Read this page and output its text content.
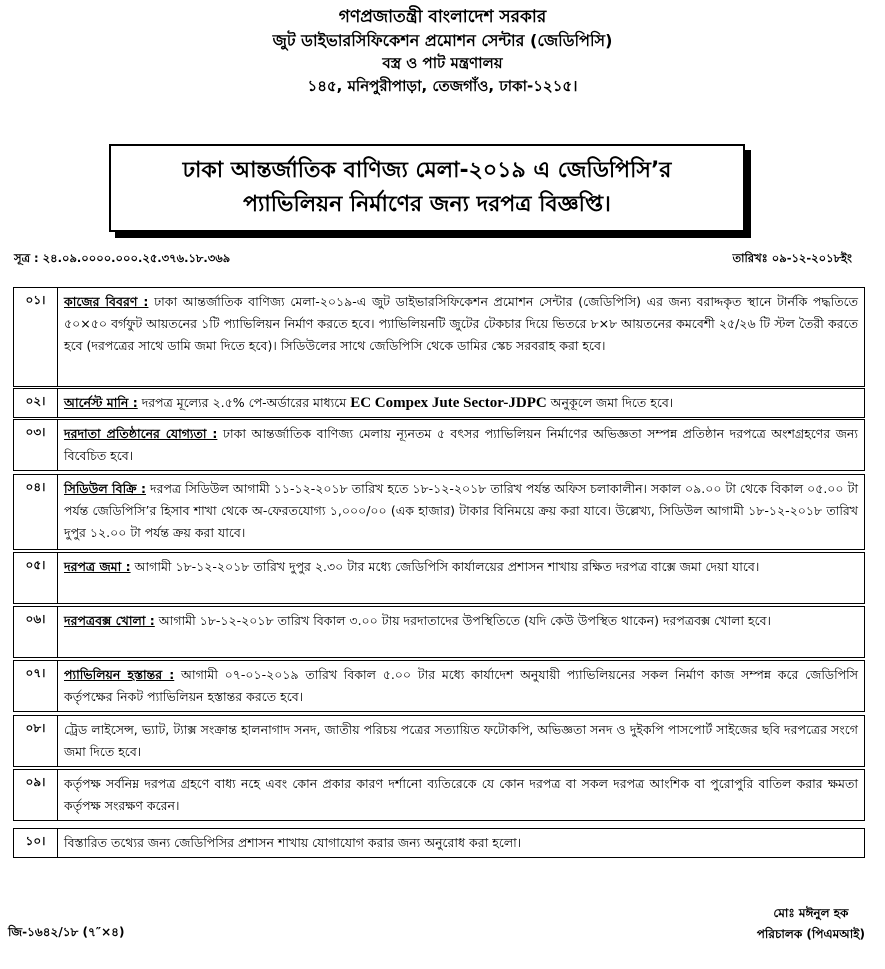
গণপ্রজাতন্ত্রী বাংলাদেশ সরকার
জুট ডাইভারসিফিকেশন প্রমোশন সেন্টার (জেডিপিসি)
বস্ত্র ও পাট মন্ত্রণালয়
১৪৫, মনিপুরীপাড়া, তেজগাঁও, ঢাকা-১২১৫।
ঢাকা আন্তর্জাতিক বাণিজ্য মেলা-২০১৯ এ জেডিপিসি’র
প্যাভিলিয়ন নির্মাণের জন্য দরপত্র বিজ্ঞপ্তি।
সূত্র : ২৪.০৯.০০০০.০০০.২৫.৩৭৬.১৮.৩৬৯	তারিখঃ ০৯-১২-২০১৮ইং
০১।	কাজের বিবরণ : ঢাকা আন্তর্জাতিক বাণিজ্য মেলা-২০১৯-এ জুট ডাইভারসিফিকেশন প্রমোশন সেন্টার (জেডিপিসি) এর জন্য বরাদ্দকৃত স্থানে টার্নকি পদ্ধতিতে ৫০×৫০ বর্গফুট আয়তনের ১টি প্যাভিলিয়ন নির্মাণ করতে হবে। প্যাভিলিয়নটি জুটের টেকচার দিয়ে ভিতরে ৮×৮ আয়তনের কমবেশী ২৫/২৬ টি স্টল তৈরী করতে হবে (দরপত্রের সাথে ডামি জমা দিতে হবে)। সিডিউলের সাথে জেডিপিসি থেকে ডামির স্কেচ সরবরাহ করা হবে।
০২।	আর্নেস্ট মানি : দরপত্র মূল্যের ২.৫% পে-অর্ডারের মাধ্যমে EC Compex Jute Sector-JDPC অনুকূলে জমা দিতে হবে।
০৩।	দরদাতা প্রতিষ্ঠানের যোগ্যতা : ঢাকা আন্তর্জাতিক বাণিজ্য মেলায় ন্যূনতম ৫ বৎসর প্যাভিলিয়ন নির্মাণের অভিজ্ঞতা সম্পন্ন প্রতিষ্ঠান দরপত্রে অংশগ্রহণের জন্য বিবেচিত হবে।
০৪।	সিডিউল বিক্রি : দরপত্র সিডিউল আগামী ১১-১২-২০১৮ তারিখ হতে ১৮-১২-২০১৮ তারিখ পর্যন্ত অফিস চলাকালীন। সকাল ০৯.০০ টা থেকে বিকাল ০৫.০০ টা পর্যন্ত জেডিপিসি’র হিসাব শাখা থেকে অ-ফেরতযোগ্য ১,০০০/০০ (এক হাজার) টাকার বিনিময়ে ক্রয় করা যাবে। উল্লেখ্য, সিডিউল আগামী ১৮-১২-২০১৮ তারিখ দুপুর ১২.০০ টা পর্যন্ত ক্রয় করা যাবে।
০৫।	দরপত্র জমা : আগামী ১৮-১২-২০১৮ তারিখ দুপুর ২.৩০ টার মধ্যে জেডিপিসি কার্যালয়ের প্রশাসন শাখায় রক্ষিত দরপত্র বাক্সে জমা দেয়া যাবে।
০৬।	দরপত্রবক্স খোলা : আগামী ১৮-১২-২০১৮ তারিখ বিকাল ৩.০০ টায় দরদাতাদের উপস্থিতিতে (যদি কেউ উপস্থিত থাকেন) দরপত্রবক্স খোলা হবে।
০৭।	প্যাভিলিয়ন হস্তান্তর : আগামী ০৭-০১-২০১৯ তারিখ বিকাল ৫.০০ টার মধ্যে কার্যাদেশ অনুযায়ী প্যাভিলিয়নের সকল নির্মাণ কাজ সম্পন্ন করে জেডিপিসি কর্তৃপক্ষের নিকট প্যাভিলিয়ন হস্তান্তর করতে হবে।
০৮।	ট্রেড লাইসেন্স, ভ্যাট, ট্যাক্স সংক্রান্ত হালনাগাদ সনদ, জাতীয় পরিচয় পত্রের সত্যায়িত ফটোকপি, অভিজ্ঞতা সনদ ও দুইকপি পাসপোর্ট সাইজের ছবি দরপত্রের সংগে জমা দিতে হবে।
০৯।	কর্তৃপক্ষ সর্বনিম্ন দরপত্র গ্রহণে বাধ্য নহে এবং কোন প্রকার কারণ দর্শানো ব্যতিরেকে যে কোন দরপত্র বা সকল দরপত্র আংশিক বা পুরোপুরি বাতিল করার ক্ষমতা কর্তৃপক্ষ সংরক্ষণ করেন।
১০।	বিস্তারিত তথ্যের জন্য জেডিপিসির প্রশাসন শাখায় যোগাযোগ করার জন্য অনুরোধ করা হলো।
জি-১৬৪২/১৮ (৭″×৪)
মোঃ মঈনুল হক
পরিচালক (পিএমআই)
